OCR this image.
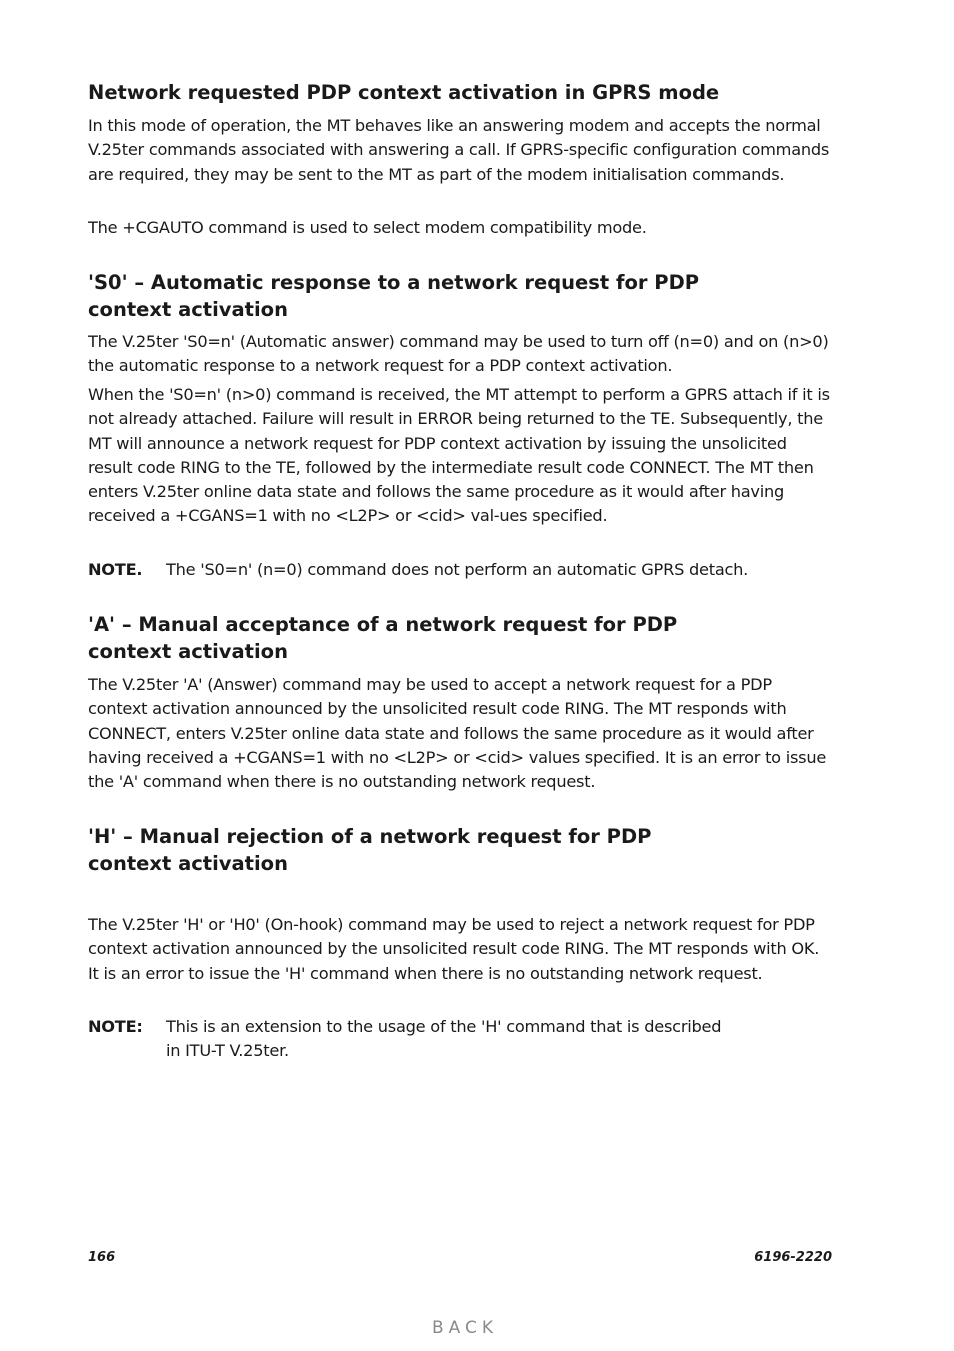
Network requested PDP context activation in GPRS mode

In this mode of operation, the MT behaves like an answering modem and accepts the normal V.25ter commands associated with answering a call. If GPRS-specific configuration commands are required, they may be sent to the MT as part of the modem initialisation commands.

The +CGAUTO command is used to select modem compatibility mode.

'S0' – Automatic response to a network request for PDP
context activation

The V.25ter 'S0=n' (Automatic answer) command may be used to turn off (n=0) and on (n>0) the automatic response to a network request for a PDP context activation.

When the 'S0=n' (n>0) command is received, the MT attempt to perform a GPRS attach if it is not already attached. Failure will result in ERROR being returned to the TE. Subsequently, the MT will announce a network request for PDP context activation by issuing the unsolicited result code RING to the TE, followed by the intermediate result code CONNECT. The MT then enters V.25ter online data state and follows the same procedure as it would after having received a +CGANS=1 with no <L2P> or <cid> val-ues specified.

NOTE. The 'S0=n' (n=0) command does not perform an automatic GPRS detach.

'A' – Manual acceptance of a network request for PDP
context activation

The V.25ter 'A' (Answer) command may be used to accept a network request for a PDP context activation announced by the unsolicited result code RING. The MT responds with CONNECT, enters V.25ter online data state and follows the same procedure as it would after having received a +CGANS=1 with no <L2P> or <cid> values specified. It is an error to issue the 'A' command when there is no outstanding network request.

'H' – Manual rejection of a network request for PDP
context activation

The V.25ter 'H' or 'H0' (On-hook) command may be used to reject a network request for PDP context activation announced by the unsolicited result code RING. The MT responds with OK. It is an error to issue the 'H' command when there is no outstanding network request.

NOTE: This is an extension to the usage of the 'H' command that is described
in ITU-T V.25ter.

166	6196-2220
BACK
